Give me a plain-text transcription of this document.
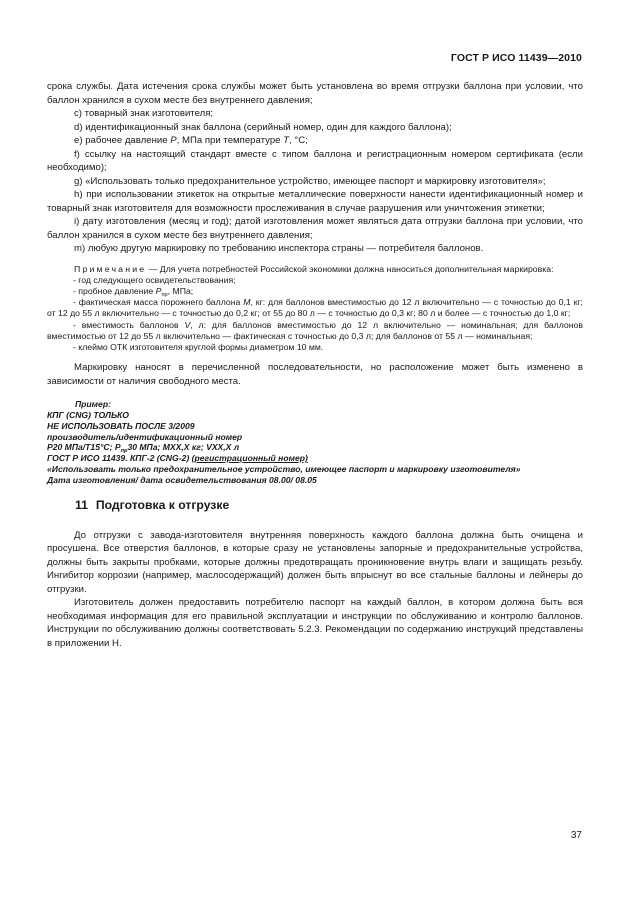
ГОСТ Р ИСО 11439—2010

срока службы. Дата истечения срока службы может быть установлена во время отгрузки баллона при условии, что баллон хранился в сухом месте без внутреннего давления;

c) товарный знак изготовителя;

d) идентификационный знак баллона (серийный номер, один для каждого баллона);

e) рабочее давление P, МПа при температуре T, °С;

f) ссылку на настоящий стандарт вместе с типом баллона и регистрационным номером сертификата (если необходимо);

g) «Использовать только предохранительное устройство, имеющее паспорт и маркировку изготовителя»;

h) при использовании этикеток на открытые металлические поверхности нанести идентификационный номер и товарный знак изготовителя для возможности прослеживания в случае разрушения или уничтожения этикетки;

i) дату изготовления (месяц и год); датой изготовления может являться дата отгрузки баллона при условии, что баллон хранился в сухом месте без внутреннего давления;

m) любую другую маркировку по требованию инспектора страны — потребителя баллонов.

Примечание — Для учета потребностей Российской экономики должна наноситься дополнительная маркировка:

- год следующего освидетельствования;

- пробное давление $P_{пр}$, МПа;

- фактическая масса порожнего баллона M, кг: для баллонов вместимостью до 12 л включительно — с точностью до 0,1 кг; от 12 до 55 л включительно — с точностью до 0,2 кг; от 55 до 80 л — с точностью до 0,3 кг; 80 л и более — с точностью до 1,0 кг;

- вместимость баллонов V, л: для баллонов вместимостью до 12 л включительно — номинальная; для баллонов вместимостью от 12 до 55 л включительно — фактическая с точностью до 0,3 л; для баллонов от 55 л — номинальная;

- клеймо ОТК изготовителя круглой формы диаметром 10 мм.

Маркировку наносят в перечисленной последовательности, но расположение может быть изменено в зависимости от наличия свободного места.

Пример:
КПГ (CNG) ТОЛЬКО
НЕ ИСПОЛЬЗОВАТЬ ПОСЛЕ 3/2009
производитель/идентификационный номер
P20 МПа/T15°C; $P_{пр}30$ МПа; MXX,X кг; VXX,X л
ГОСТ Р ИСО 11439. КПГ-2 (CNG-2) (регистрационный номер)
«Использовать только предохранительное устройство, имеющее паспорт и маркировку изготовителя»
Дата изготовления/ дата освидетельствования 08.00/ 08.05
11 Подготовка к отгрузке

До отгрузки с завода-изготовителя внутренняя поверхность каждого баллона должна быть очищена и просушена. Все отверстия баллонов, в которые сразу не установлены запорные и предохранительные устройства, должны быть закрыты пробками, которые должны предотвращать проникновение внутрь влаги и защищать резьбу. Ингибитор коррозии (например, маслосодержащий) должен быть впрыснут во все стальные баллоны и лейнеры до отгрузки.

Изготовитель должен предоставить потребителю паспорт на каждый баллон, в котором должна быть вся необходимая информация для его правильной эксплуатации и инструкции по обслуживанию и контролю баллонов. Инструкции по обслуживанию должны соответствовать 5.2.3. Рекомендации по содержанию инструкций представлены в приложении Н.

37
